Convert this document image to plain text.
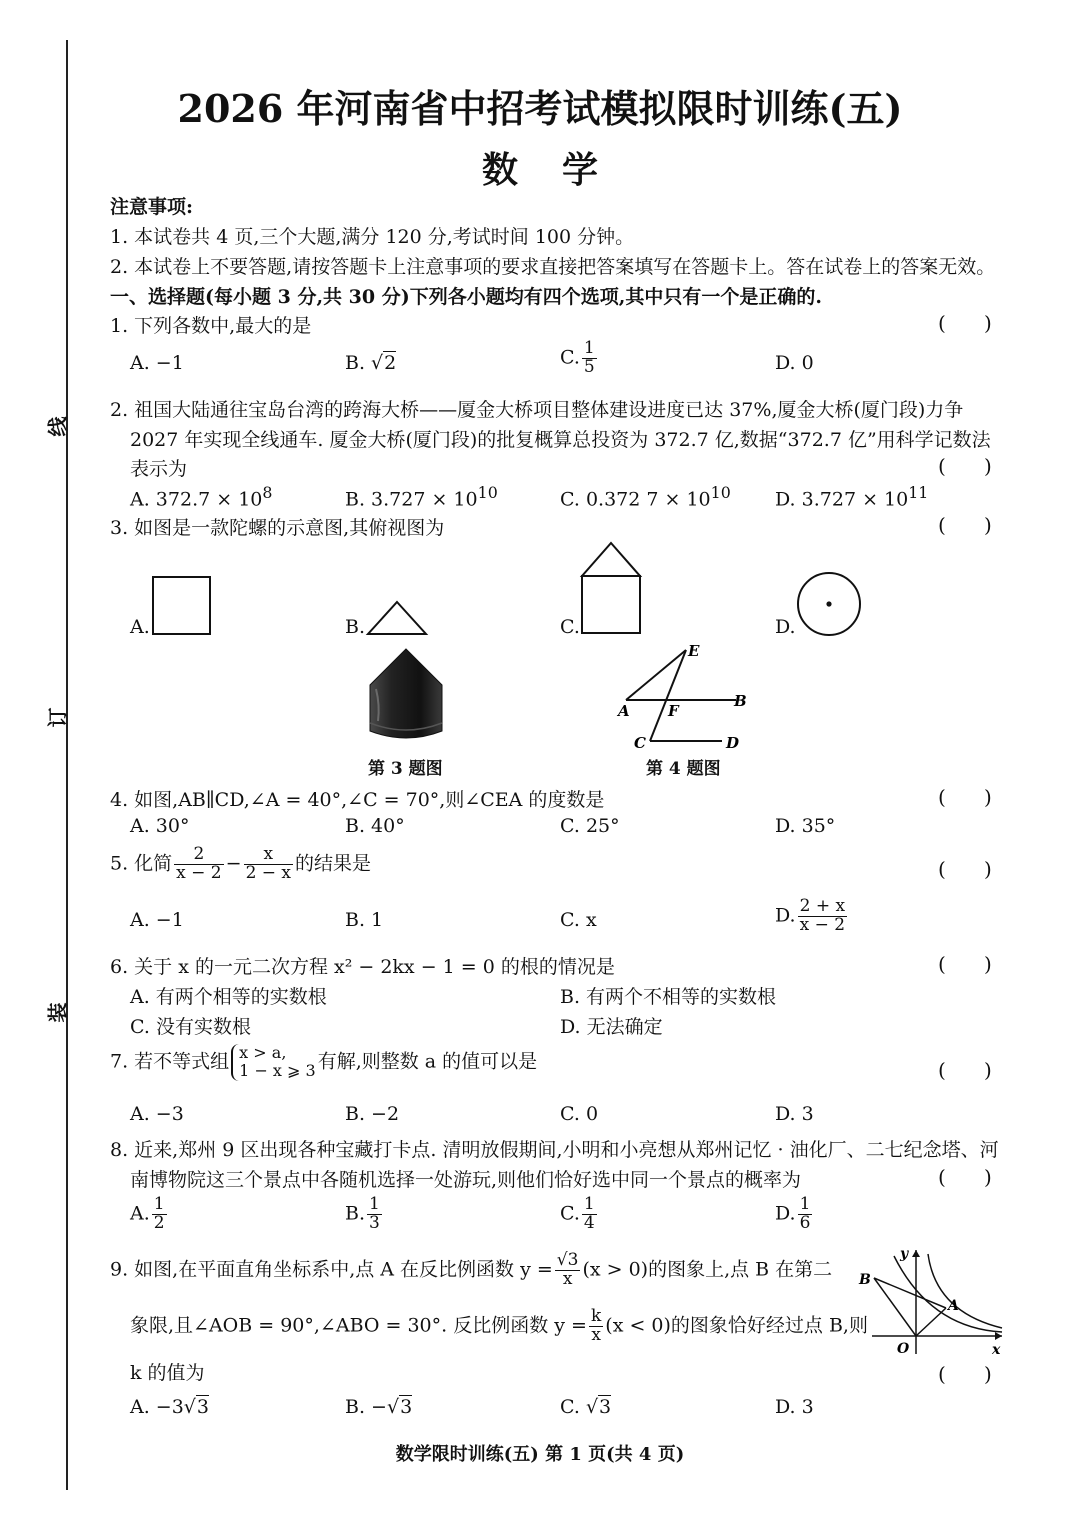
线
订
装
2026 年河南省中招考试模拟限时训练(五)
数学
注意事项:
1. 本试卷共 4 页,三个大题,满分 120 分,考试时间 100 分钟。
2. 本试卷上不要答题,请按答题卡上注意事项的要求直接把答案填写在答题卡上。答在试卷上的答案无效。
一、选择题(每小题 3 分,共 30 分)下列各小题均有四个选项,其中只有一个是正确的.
1. 下列各数中,最大的是	(      )
A. −1	B. √2	C. $\frac{1}{5}$	D. 0
2. 祖国大陆通往宝岛台湾的跨海大桥——厦金大桥项目整体建设进度已达 37%,厦金大桥(厦门段)力争
2027 年实现全线通车. 厦金大桥(厦门段)的批复概算总投资为 372.7 亿,数据“372.7 亿”用科学记数法
表示为	(      )
A. $372.7 \times 10^8$	B. $3.727 \times 10^{10}$	C. 0.372 $7 \times 10^{10}$ D. $3.727 \times 10^{11}$
3. 如图是一款陀螺的示意图,其俯视图为	(      )
A.	B.	C.	D.
第 3 题图
E
A	F
B
C	D
第 4 题图
4. 如图,AB∥CD,∠A = 40°,∠C = 70°,则∠CEA 的度数是	(      )
A. 30°	B. 40°	C. 25°	D. 35°
5. 化简 $\frac{2}{x - 2} - \frac{x}{2 - x}$ 的结果是	(      )
A. −1	B. 1	C. x	D. $\frac{2 + x}{x - 2}$
6. 关于 x 的一元二次方程 x² − 2kx − 1 = 0 的根的情况是	(      )
A. 有两个相等的实数根	B. 有两个不相等的实数根
C. 没有实数根	D. 无法确定
7. 若不等式组 x > a,
1 − x ⩾ 3 有解,则整数 a 的值可以是	(      )
A. −3	B. −2	C. 0	D. 3
8. 近来,郑州 9 区出现各种宝藏打卡点. 清明放假期间,小明和小亮想从郑州记忆 · 油化厂、二七纪念塔、河
南博物院这三个景点中各随机选择一处游玩,则他们恰好选中同一个景点的概率为	(      )
A. $\frac{1}{2}$	B. $\frac{1}{3}$	C. $\frac{1}{4}$	D. $\frac{1}{6}$
9. 如图,在平面直角坐标系中,点 A 在反比例函数 $y = \frac{√3}{x} (x > 0)$的图象上,点 B 在第二
象限,且∠AOB = 90°,∠ABO = 30°. 反比例函数 $y = \frac{k}{x} (x < 0)$的图象恰好经过点 B,则
k 的值为	(      )
A. −3√3	B. −√3	C. √3	D. 3
y
B
A
O	x
数学限时训练(五) 第 1 页(共 4 页)
